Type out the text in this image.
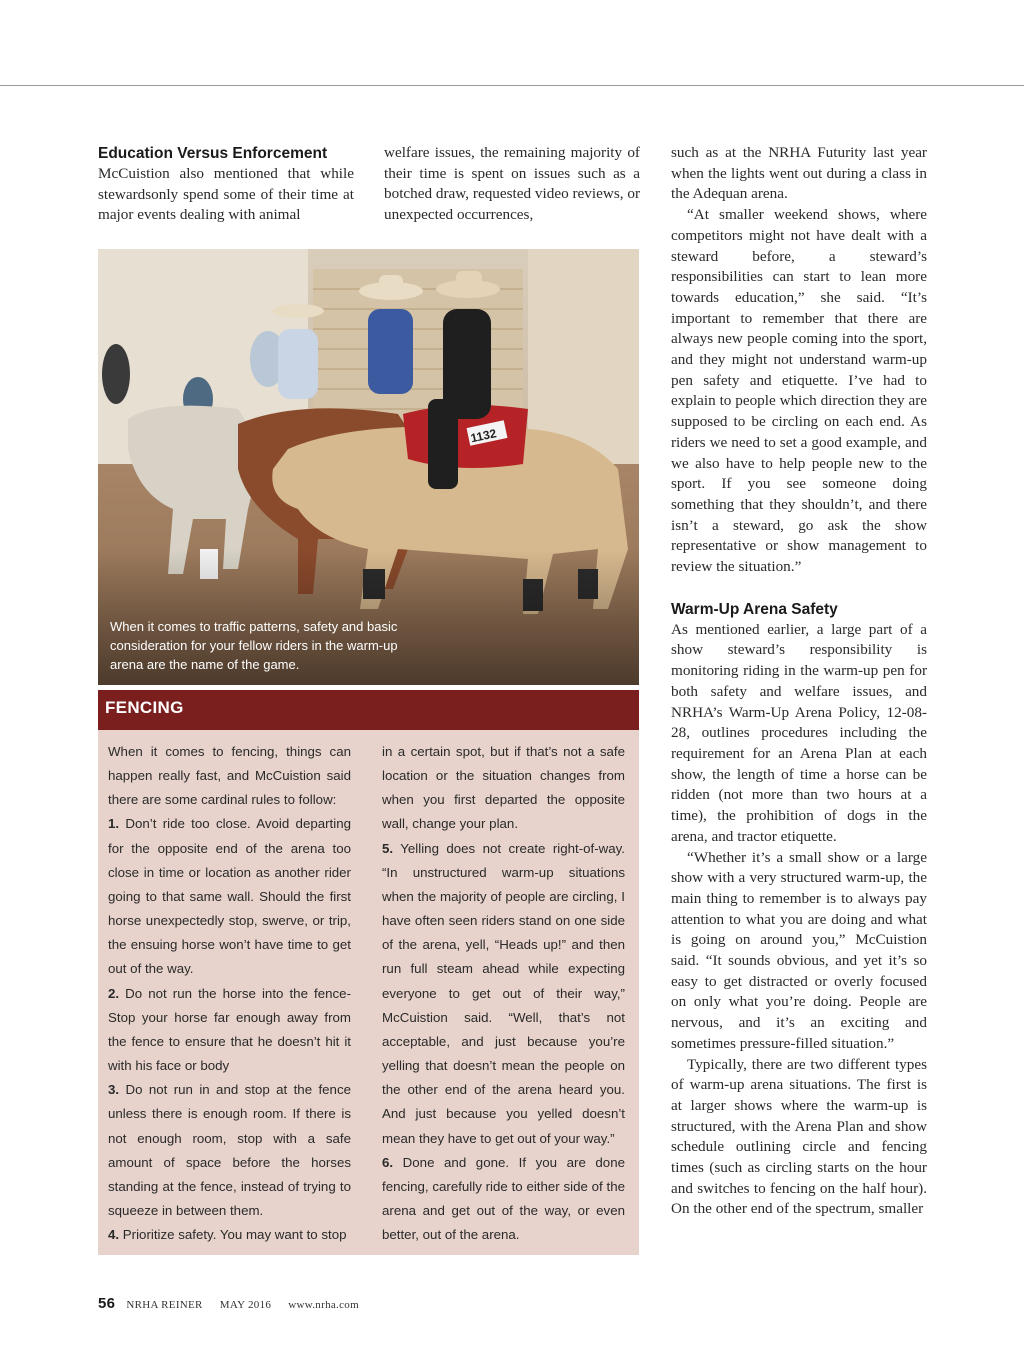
Education Versus Enforcement

McCuistion also mentioned that while stewardsonly spend some of their time at major events dealing with animal

welfare issues, the remaining majority of their time is spent on issues such as a botched draw, requested video reviews, or unexpected occurrences,

such as at the NRHA Futurity last year when the lights went out during a class in the Adequan arena.

“At smaller weekend shows, where competitors might not have dealt with a steward before, a steward’s responsibilities can start to lean more towards education,” she said. “It’s important to remember that there are always new people coming into the sport, and they might not understand warm-up pen safety and etiquette. I’ve had to explain to people which direction they are supposed to be circling on each end. As riders we need to set a good example, and we also have to help people new to the sport. If you see someone doing something that they shouldn’t, and there isn’t a steward, go ask the show representative or show management to review the situation.”

Warm-Up Arena Safety

As mentioned earlier, a large part of a show steward’s responsibility is monitoring riding in the warm-up pen for both safety and welfare issues, and NRHA’s Warm-Up Arena Policy, 12-08-28, outlines procedures including the requirement for an Arena Plan at each show, the length of time a horse can be ridden (not more than two hours at a time), the prohibition of dogs in the arena, and tractor etiquette.

“Whether it’s a small show or a large show with a very structured warm-up, the main thing to remember is to always pay attention to what you are doing and what is going on around you,” McCuistion said. “It sounds obvious, and yet it’s so easy to get distracted or overly focused on only what you’re doing. People are nervous, and it’s an exciting and sometimes pressure-filled situation.”

Typically, there are two different types of warm-up arena situations. The first is at larger shows where the warm-up is structured, with the Arena Plan and show schedule outlining circle and fencing times (such as circling starts on the hour and switches to fencing on the half hour). On the other end of the spectrum, smaller

1132
When it comes to traffic patterns, safety and basic consideration for your fellow riders in the warm-up arena are the name of the game.
FENCING

When it comes to fencing, things can happen really fast, and McCuistion said there are some cardinal rules to follow:

1. Don’t ride too close. Avoid departing for the opposite end of the arena too close in time or location as another rider going to that same wall. Should the first horse unexpectedly stop, swerve, or trip, the ensuing horse won’t have time to get out of the way.

2. Do not run the horse into the fence- Stop your horse far enough away from the fence to ensure that he doesn’t hit it with his face or body

3. Do not run in and stop at the fence unless there is enough room. If there is not enough room, stop with a safe amount of space before the horses standing at the fence, instead of trying to squeeze in between them.

4. Prioritize safety. You may want to stop

in a certain spot, but if that’s not a safe location or the situation changes from when you first departed the opposite wall, change your plan.

5. Yelling does not create right-of-way. “In unstructured warm-up situations when the majority of people are circling, I have often seen riders stand on one side of the arena, yell, “Heads up!” and then run full steam ahead while expecting everyone to get out of their way,” McCuistion said. “Well, that’s not acceptable, and just because you’re yelling that doesn’t mean the people on the other end of the arena heard you. And just because you yelled doesn’t mean they have to get out of your way.”

6. Done and gone. If you are done fencing, carefully ride to either side of the arena and get out of the way, or even better, out of the arena.

56 NRHA REINER MAY 2016 www.nrha.com
